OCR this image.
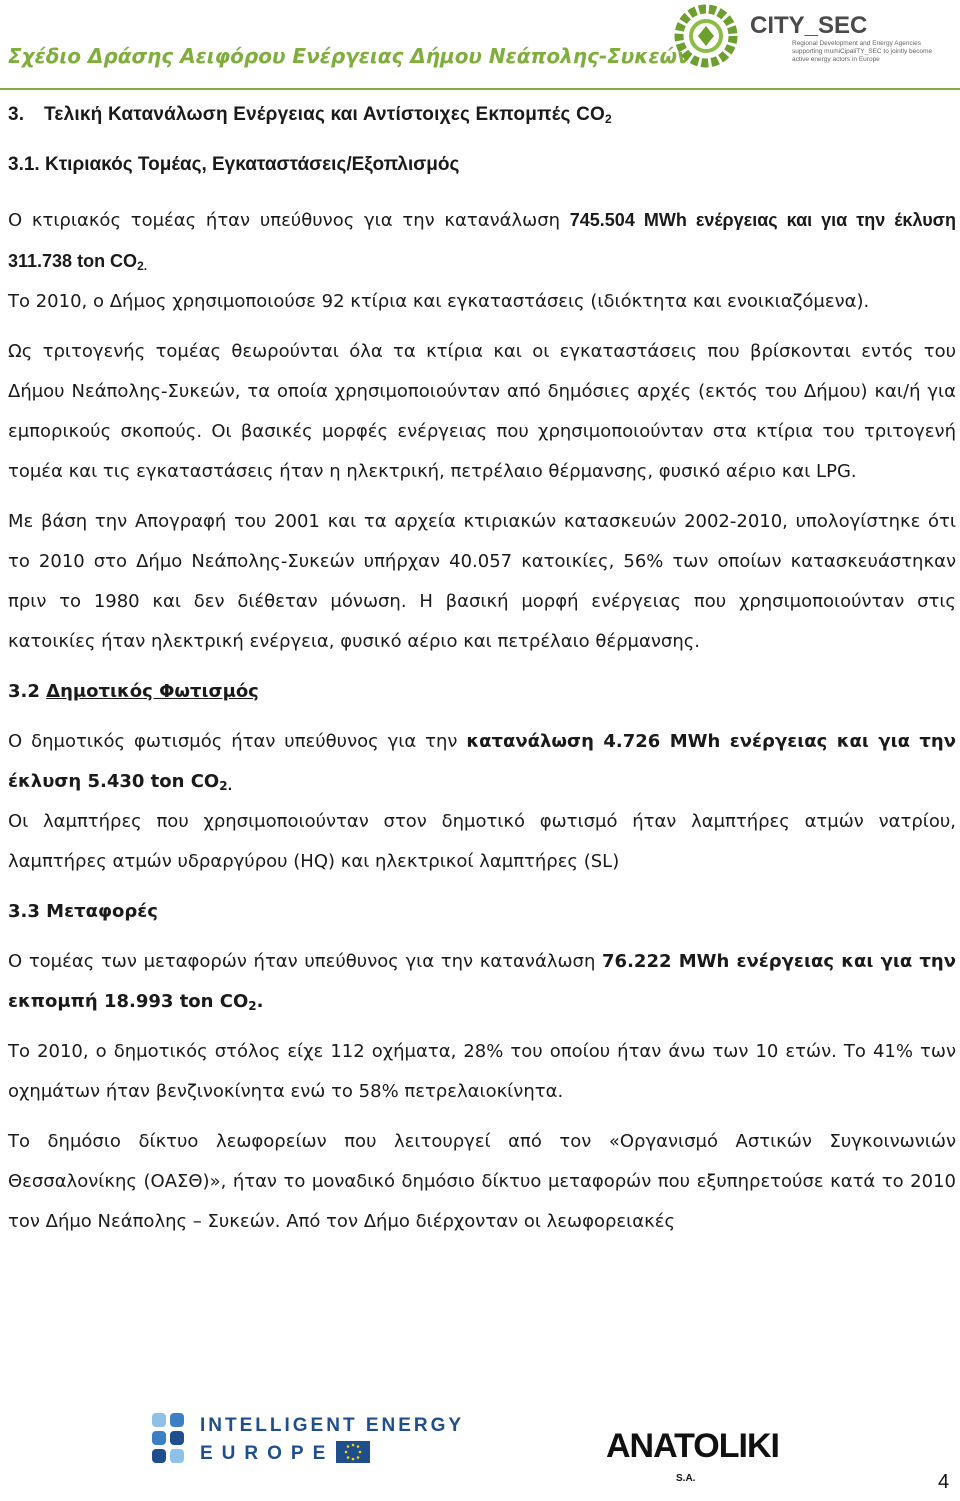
Σχέδιο Δράσης Αειφόρου Ενέργειας Δήμου Νεάπολης-Συκεών
CITY_SEC
Regional Development and Energy Agencies supporting mumiCipaliTY_SEC to jointly become active energy actors in Europe
3. Τελική Κατανάλωση Ενέργειας και Αντίστοιχες Εκπομπές $CO_2$
3.1. Κτιριακός Τομέας, Εγκαταστάσεις/Εξοπλισμός

Ο κτιριακός τομέας ήταν υπεύθυνος για την κατανάλωση 745.504 MWh ενέργειας και για την έκλυση 311.738 ton $CO_{2.}$

Το 2010, ο Δήμος χρησιμοποιούσε 92 κτίρια και εγκαταστάσεις (ιδιόκτητα και ενοικιαζόμενα).

Ως τριτογενής τομέας θεωρούνται όλα τα κτίρια και οι εγκαταστάσεις που βρίσκονται εντός του Δήμου Νεάπολης-Συκεών, τα οποία χρησιμοποιούνταν από δημόσιες αρχές (εκτός του Δήμου) και/ή για εμπορικούς σκοπούς. Οι βασικές μορφές ενέργειας που χρησιμοποιούνταν στα κτίρια του τριτογενή τομέα και τις εγκαταστάσεις ήταν η ηλεκτρική, πετρέλαιο θέρμανσης, φυσικό αέριο και LPG.

Με βάση την Απογραφή του 2001 και τα αρχεία κτιριακών κατασκευών 2002-2010, υπολογίστηκε ότι το 2010 στο Δήμο Νεάπολης-Συκεών υπήρχαν 40.057 κατοικίες, 56% των οποίων κατασκευάστηκαν πριν το 1980 και δεν διέθεταν μόνωση. Η βασική μορφή ενέργειας που χρησιμοποιούνταν στις κατοικίες ήταν ηλεκτρική ενέργεια, φυσικό αέριο και πετρέλαιο θέρμανσης.

3.2 Δημοτικός Φωτισμός

Ο δημοτικός φωτισμός ήταν υπεύθυνος για την κατανάλωση 4.726 MWh ενέργειας και για την έκλυση 5.430 ton $CO_{2.}$

Οι λαμπτήρες που χρησιμοποιούνταν στον δημοτικό φωτισμό ήταν λαμπτήρες ατμών νατρίου, λαμπτήρες ατμών υδραργύρου (HQ) και ηλεκτρικοί λαμπτήρες (SL)

3.3 Μεταφορές

Ο τομέας των μεταφορών ήταν υπεύθυνος για την κατανάλωση 76.222 MWh ενέργειας και για την εκπομπή 18.993 ton $CO_2$.

Το 2010, ο δημοτικός στόλος είχε 112 οχήματα, 28% του οποίου ήταν άνω των 10 ετών. Το 41% των οχημάτων ήταν βενζινοκίνητα ενώ το 58% πετρελαιοκίνητα.

Το δημόσιο δίκτυο λεωφορείων που λειτουργεί από τον «Οργανισμό Αστικών Συγκοινωνιών Θεσσαλονίκης (ΟΑΣΘ)», ήταν το μοναδικό δημόσιο δίκτυο μεταφορών που εξυπηρετούσε κατά το 2010 τον Δήμο Νεάπολης – Συκεών. Από τον Δήμο διέρχονταν οι λεωφορειακές

INTELLIGENT ENERGY
EUROPE	ANATOLIKI
S.A.	4
